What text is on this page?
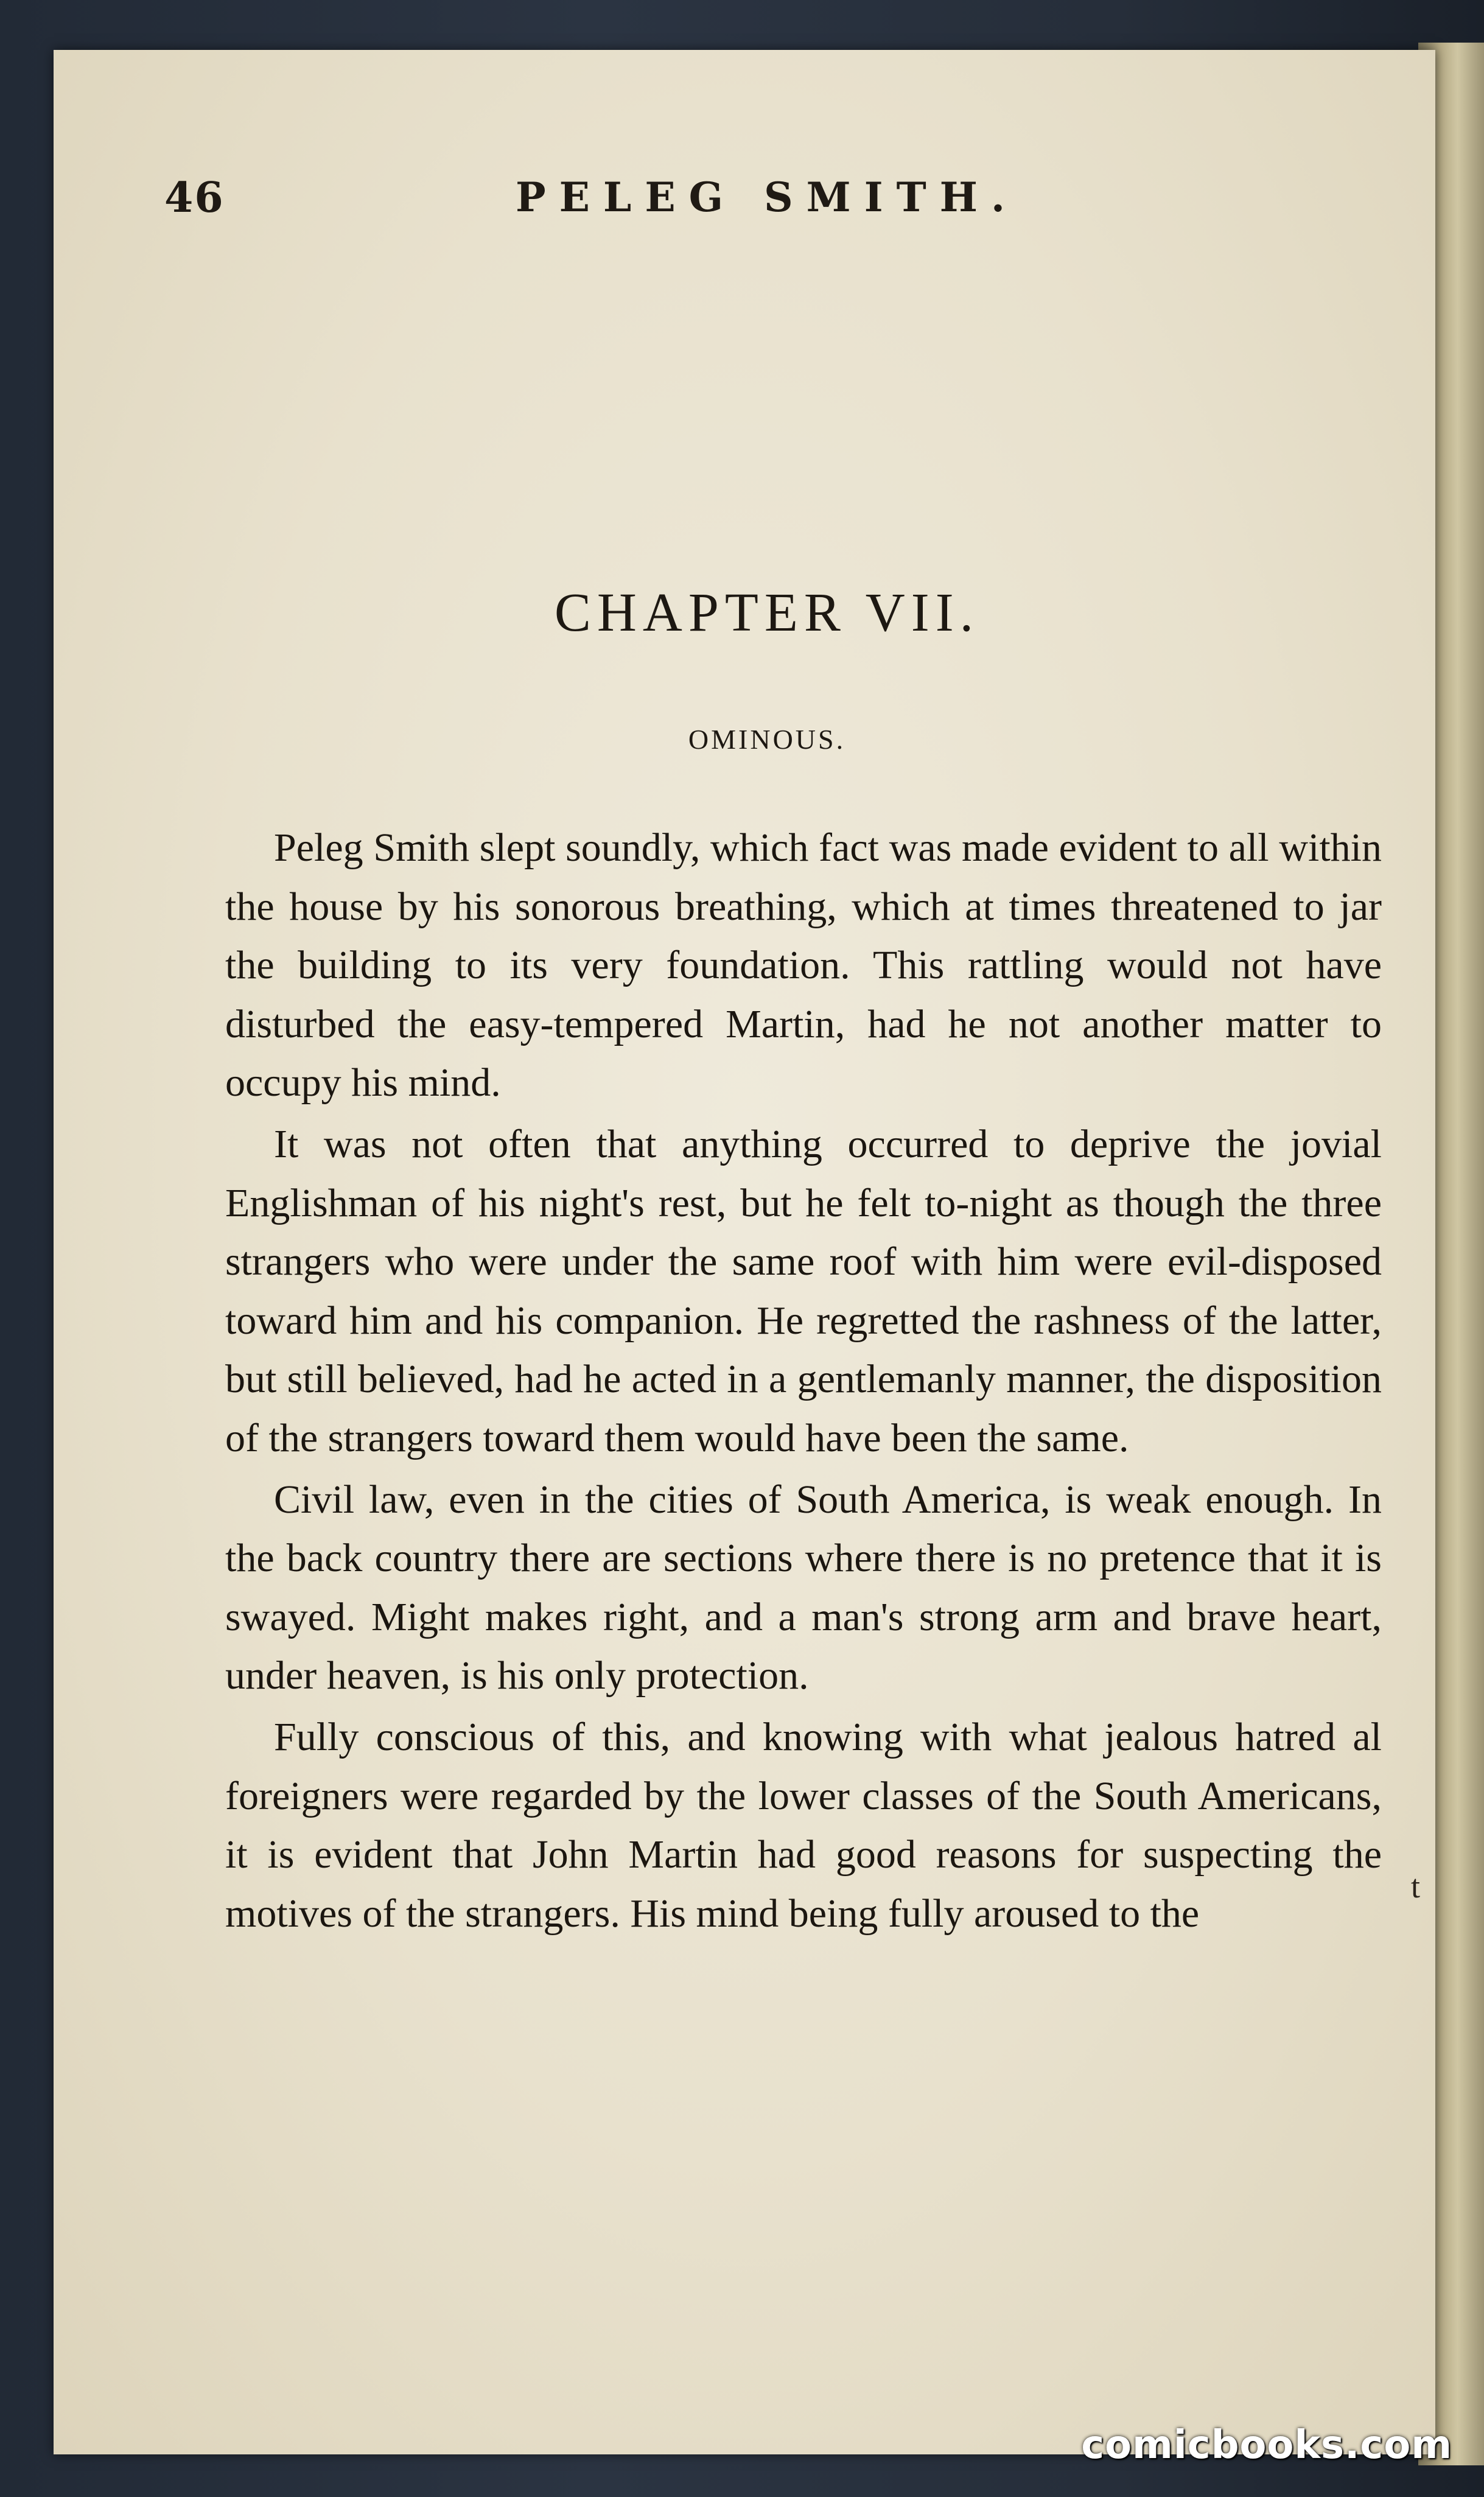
46	PELEG SMITH.
CHAPTER VII.
OMINOUS.

Peleg Smith slept soundly, which fact was made evident to all within the house by his sonorous breathing, which at times threatened to jar the building to its very foundation. This rattling would not have disturbed the easy-tempered Martin, had he not another matter to occupy his mind.

It was not often that anything occurred to deprive the jovial Englishman of his night's rest, but he felt to-night as though the three strangers who were under the same roof with him were evil-disposed toward him and his companion. He regretted the rashness of the latter, but still believed, had he acted in a gentlemanly manner, the disposition of the strangers toward them would have been the same.

Civil law, even in the cities of South America, is weak enough. In the back country there are sections where there is no pretence that it is swayed. Might makes right, and a man's strong arm and brave heart, under heaven, is his only protection.

Fully conscious of this, and knowing with what jealous hatred al foreigners were regarded by the lower classes of the South Americans, it is evident that John Martin had good reasons for suspecting the motives of the strangers. His mind being fully aroused to the

t
comicbooks.com
